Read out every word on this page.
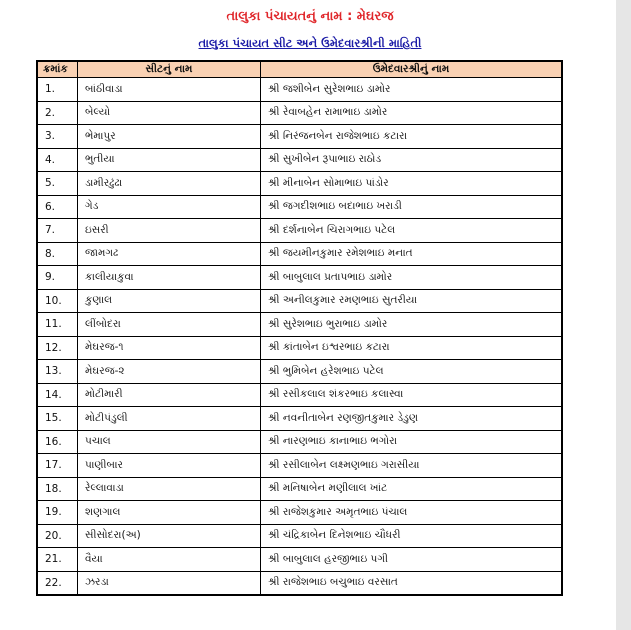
તાલુકા પંચાયતનું નામ : મેઘરજ
તાલુકા પંચાયત સીટ અને ઉમેદવારશ્રીની માહિતી
ક્રમાંક	સીટનું નામ	ઉમેદવારશ્રીનું નામ
1.	બાંઠીવાડા	શ્રી જશીબેન સુરેશભાઇ ડામોર
2.	બેલ્યો	શ્રી રેવાબહેન રામાભાઇ ડામોર
3.	ભેમાપુર	શ્રી નિરંજનબેન રાજેશભાઇ કટારા
4.	ભુતીયા	શ્રી સુખીબેન રૂપાભાઇ રાઠોડ
5.	ડામીરઢુંઢા	શ્રી મીનાબેન સોમાભાઇ પાંડોર
6.	ગેડ	શ્રી જગદીશભાઇ બદાભાઇ ખરાડી
7.	ઇસરી	શ્રી દર્શનાબેન ચિરાગભાઇ પટેલ
8.	જામગઢ	શ્રી જયમીનકુમાર રમેશભાઇ મનાત
9.	કાલીયાકુવા	શ્રી બાબુલાલ પ્રતાપભાઇ ડામોર
10.	કુણાલ	શ્રી અનીલકુમાર રમણભાઇ સુતરીયા
11.	લીંબોદરા	શ્રી સુરેશભાઇ ભુરાભાઇ ડામોર
12.	મેઘરજ-૧	શ્રી કાંતાબેન ઇશ્વરભાઇ કટારા
13.	મેઘરજ-૨	શ્રી ભુમિબેન હરેશભાઇ પટેલ
14.	મોટીમારી	શ્રી રસીકલાલ શંકરભાઇ કલાસ્વા
15.	મોટીપંડુલી	શ્રી નવનીતાબેન રણજીતકુમાર ડેડુણ
16.	પચાલ	શ્રી નારણભાઇ કાનાભાઇ ભગોરા
17.	પાણીબાર	શ્રી રસીલાબેન લક્ષ્મણભાઇ ગરાસીયા
18.	રેલ્લાવાડા	શ્રી મનિષાબેન મણીલાલ ખાંટ
19.	શણગાલ	શ્રી રાજેશકુમાર અમૃતભાઇ પંચાલ
20.	સીસોદરા(અ)	શ્રી ચંદ્રિકાબેન દિનેશભાઇ ચૌધરી
21.	વૈયા	શ્રી બાબુલાલ હરજીભાઇ પગી
22.	ઝરડા	શ્રી રાજેશભાઇ બચુભાઇ વરસાત
